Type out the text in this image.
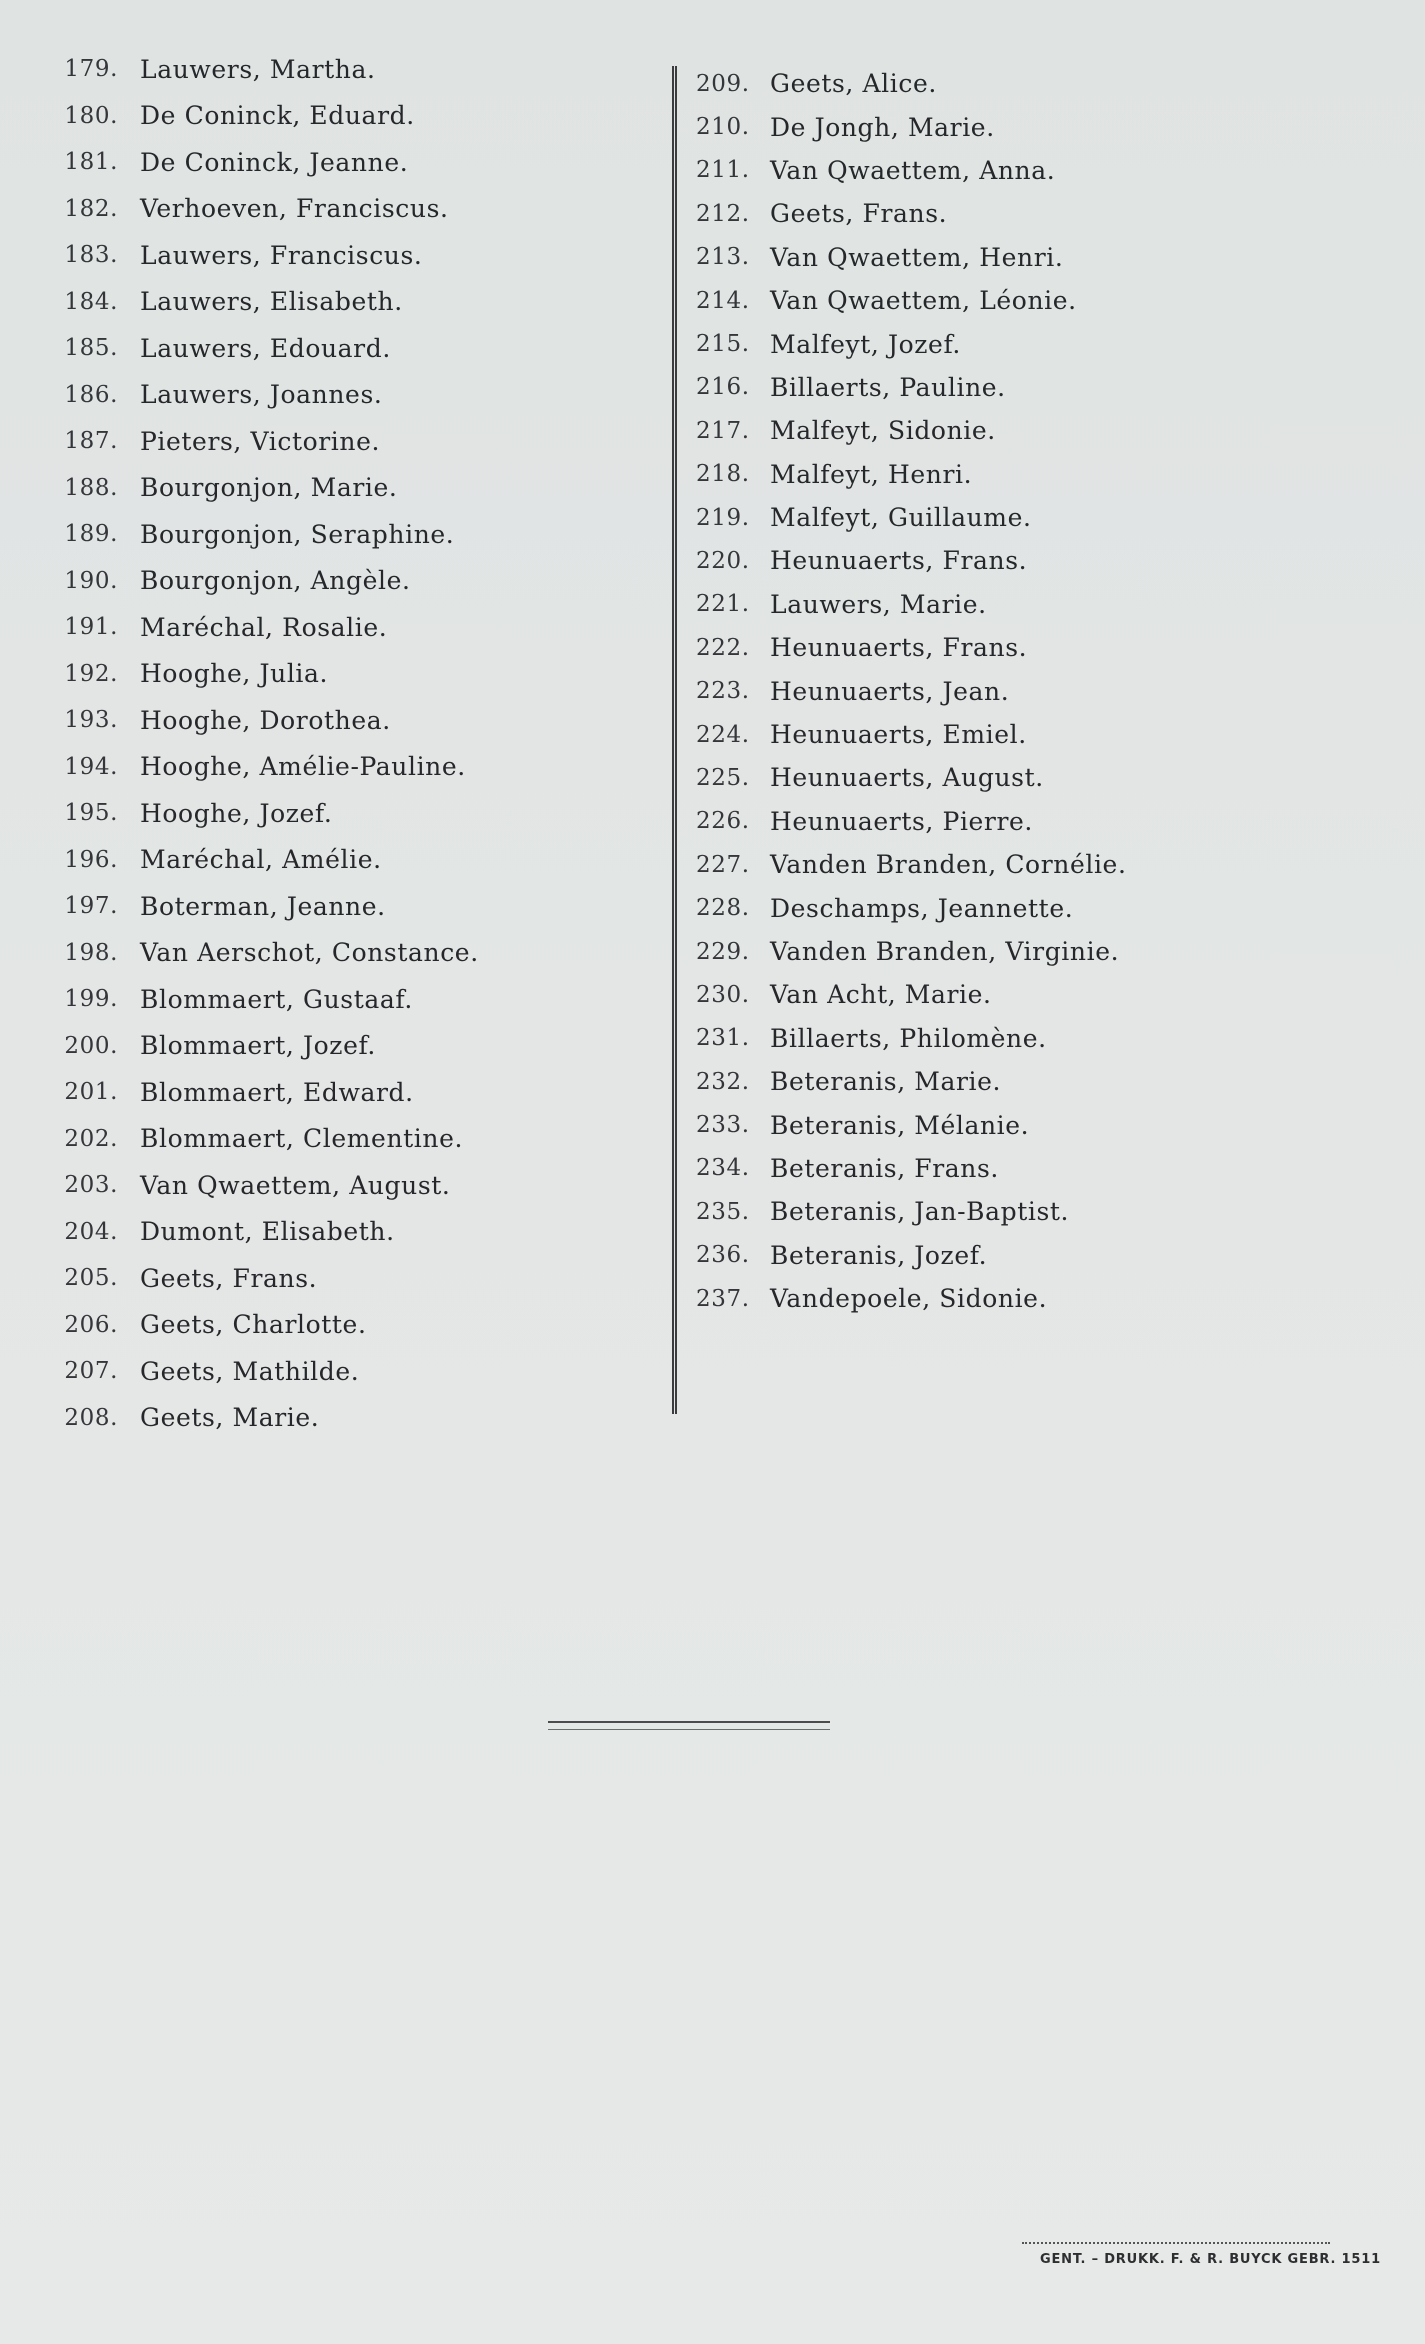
179. Lauwers, Martha.
180. De Coninck, Eduard.
181. De Coninck, Jeanne.
182. Verhoeven, Franciscus.
183. Lauwers, Franciscus.
184. Lauwers, Elisabeth.
185. Lauwers, Edouard.
186. Lauwers, Joannes.
187. Pieters, Victorine.
188. Bourgonjon, Marie.
189. Bourgonjon, Seraphine.
190. Bourgonjon, Angèle.
191. Maréchal, Rosalie.
192. Hooghe, Julia.
193. Hooghe, Dorothea.
194. Hooghe, Amélie-Pauline.
195. Hooghe, Jozef.
196. Maréchal, Amélie.
197. Boterman, Jeanne.
198. Van Aerschot, Constance.
199. Blommaert, Gustaaf.
200. Blommaert, Jozef.
201. Blommaert, Edward.
202. Blommaert, Clementine.
203. Van Qwaettem, August.
204. Dumont, Elisabeth.
205. Geets, Frans.
206. Geets, Charlotte.
207. Geets, Mathilde.
208. Geets, Marie.
209. Geets, Alice.
210. De Jongh, Marie.
211. Van Qwaettem, Anna.
212. Geets, Frans.
213. Van Qwaettem, Henri.
214. Van Qwaettem, Léonie.
215. Malfeyt, Jozef.
216. Billaerts, Pauline.
217. Malfeyt, Sidonie.
218. Malfeyt, Henri.
219. Malfeyt, Guillaume.
220. Heunuaerts, Frans.
221. Lauwers, Marie.
222. Heunuaerts, Frans.
223. Heunuaerts, Jean.
224. Heunuaerts, Emiel.
225. Heunuaerts, August.
226. Heunuaerts, Pierre.
227. Vanden Branden, Cornélie.
228. Deschamps, Jeannette.
229. Vanden Branden, Virginie.
230. Van Acht, Marie.
231. Billaerts, Philomène.
232. Beteranis, Marie.
233. Beteranis, Mélanie.
234. Beteranis, Frans.
235. Beteranis, Jan-Baptist.
236. Beteranis, Jozef.
237. Vandepoele, Sidonie.
GENT. – DRUKK. F. & R. BUYCK GEBR. 1511
